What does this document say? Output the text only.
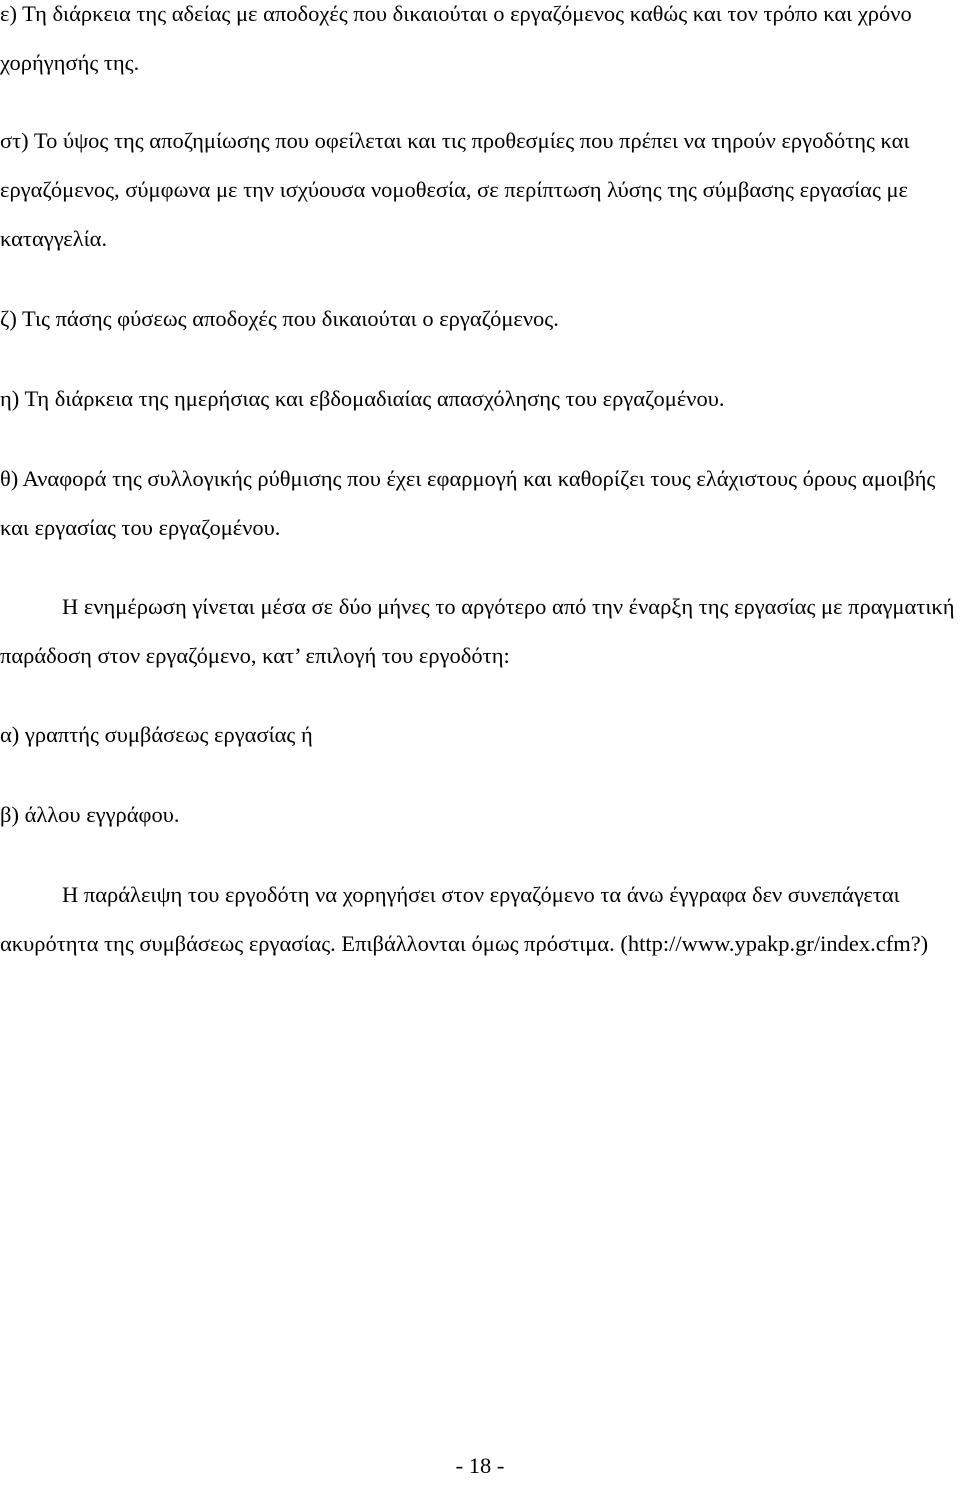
ε) Τη διάρκεια της αδείας με αποδοχές που δικαιούται ο εργαζόμενος καθώς και τον τρόπο και χρόνο χορήγησής της.

στ) Το ύψος της αποζημίωσης που οφείλεται και τις προθεσμίες που πρέπει να τηρούν εργοδότης και εργαζόμενος, σύμφωνα με την ισχύουσα νομοθεσία, σε περίπτωση λύσης της σύμβασης εργασίας με καταγγελία.

ζ) Τις πάσης φύσεως αποδοχές που δικαιούται ο εργαζόμενος.

η) Τη διάρκεια της ημερήσιας και εβδομαδιαίας απασχόλησης του εργαζομένου.

θ) Αναφορά της συλλογικής ρύθμισης που έχει εφαρμογή και καθορίζει τους ελάχιστους όρους αμοιβής και εργασίας του εργαζομένου.

Η ενημέρωση γίνεται μέσα σε δύο μήνες το αργότερο από την έναρξη της εργασίας με πραγματική παράδοση στον εργαζόμενο, κατ’ επιλογή του εργοδότη:

α) γραπτής συμβάσεως εργασίας ή

β) άλλου εγγράφου.

Η παράλειψη του εργοδότη να χορηγήσει στον εργαζόμενο τα άνω έγγραφα δεν συνεπάγεται ακυρότητα της συμβάσεως εργασίας. Επιβάλλονται όμως πρόστιμα. (http://www.ypakp.gr/index.cfm?)

- 18 -
